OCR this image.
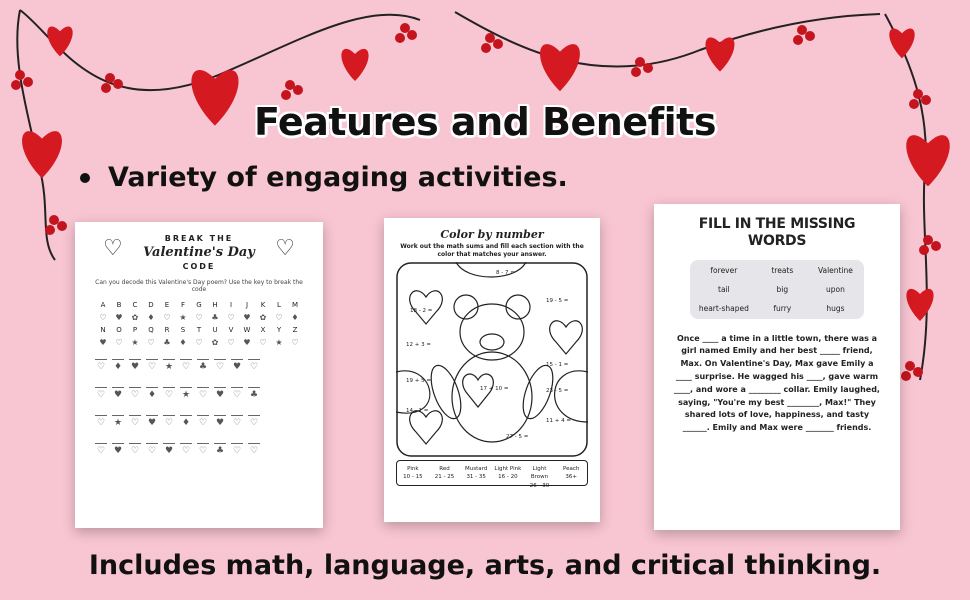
Features and Benefits
Variety of engaging activities.
♡	♡
BREAK THE
Valentine's Day
CODE
Can you decode this Valentine's Day poem? Use the key to break the code
A	B	C	D	E	F	G	H	I	J	K	L	M
♡	♥	✿	♦	♡	★	♡	♣	♡	♥	✿	♡	♦
N	O	P	Q	R	S	T	U	V	W	X	Y	Z
♥	♡	★	♡	♣	♦	♡	✿	♡	♥	♡	★	♡
♡ ♦ ♥ ♡ ★ ♡ ♣ ♡ ♥ ♡
♡ ♥ ♡ ♦ ♡ ★ ♡ ♥ ♡ ♣
♡ ★ ♡ ♥ ♡ ♦ ♡ ♥ ♡ ♡
♡ ♥ ♡ ♡ ♥ ♡ ♡ ♣ ♡ ♡
Color by number
Work out the math sums and fill each section with the color that matches your answer.
8 - 7 =
18 - 2 =
19 - 5 =
12 + 3 =
15 - 1 =
19 + 5 =
23 - 5 =
14 - 1 =
11 + 4 =
17 + 10 =
27 - 5 =
Pink
10 - 15
Red
21 - 25
Mustard
31 - 35
Light Pink
16 - 20
Light Brown
26 - 30
Peach
36+
FILL IN THE MISSING
WORDS
forever	treats	Valentine
tail	big	upon
heart-shaped	furry	hugs
Once ____ a time in a little town, there was a girl named Emily and her best _____ friend, Max. On Valentine's Day, Max gave Emily a ____ surprise. He wagged his ____, gave warm ____, and wore a ________ collar. Emily laughed, saying, "You're my best ________, Max!" They shared lots of love, happiness, and tasty ______. Emily and Max were _______ friends.
Includes math, language, arts, and critical thinking.
